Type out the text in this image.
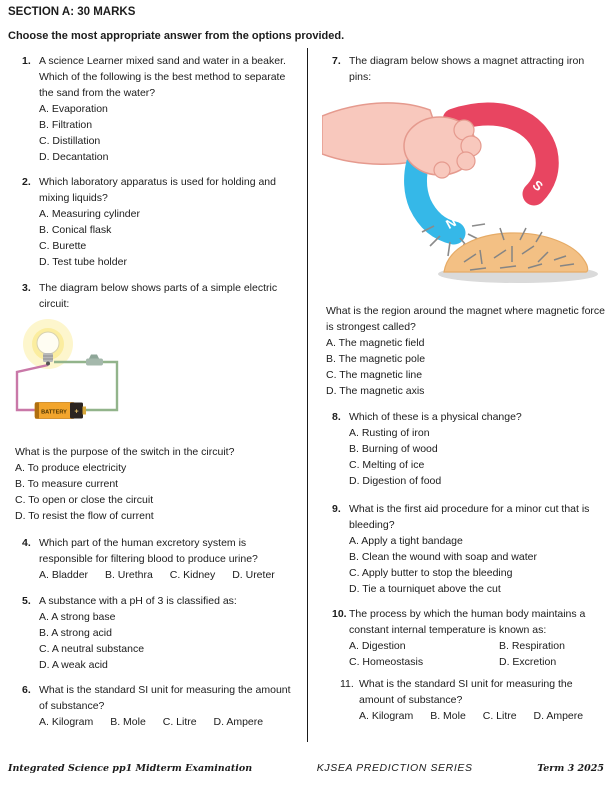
SECTION A: 30 MARKS
Choose the most appropriate answer from the options provided.
1. A science Learner mixed sand and water in a beaker. Which of the following is the best method to separate the sand from the water?
A. Evaporation
B. Filtration
C. Distillation
D. Decantation
2. Which laboratory apparatus is used for holding and mixing liquids?
A. Measuring cylinder
B. Conical flask
C. Burette
D. Test tube holder
3. The diagram below shows parts of a simple electric circuit:
BATTERY +
What is the purpose of the switch in the circuit?
A. To produce electricity
B. To measure current
C. To open or close the circuit
D. To resist the flow of current
4. Which part of the human excretory system is responsible for filtering blood to produce urine?
A. Bladder B. Urethra C. Kidney D. Ureter
5. A substance with a pH of 3 is classified as:
A. A strong base
B. A strong acid
C. A neutral substance
D. A weak acid
6. What is the standard SI unit for measuring the amount of substance?
A. Kilogram B. Mole C. Litre D. Ampere
7. The diagram below shows a magnet attracting iron pins:
S
N
What is the region around the magnet where magnetic force is strongest called?
A. The magnetic field
B. The magnetic pole
C. The magnetic line
D. The magnetic axis
8. Which of these is a physical change?
A. Rusting of iron
B. Burning of wood
C. Melting of ice
D. Digestion of food
9. What is the first aid procedure for a minor cut that is bleeding?
A. Apply a tight bandage
B. Clean the wound with soap and water
C. Apply butter to stop the bleeding
D. Tie a tourniquet above the cut
10. The process by which the human body maintains a constant internal temperature is known as:
A. Digestion	B. Respiration
C. Homeostasis	D. Excretion
11. What is the standard SI unit for measuring the amount of substance?
A. Kilogram B. Mole C. Litre D. Ampere
Integrated Science pp1 Midterm Examination	KJSEA PREDICTION SERIES	Term 3 2025
